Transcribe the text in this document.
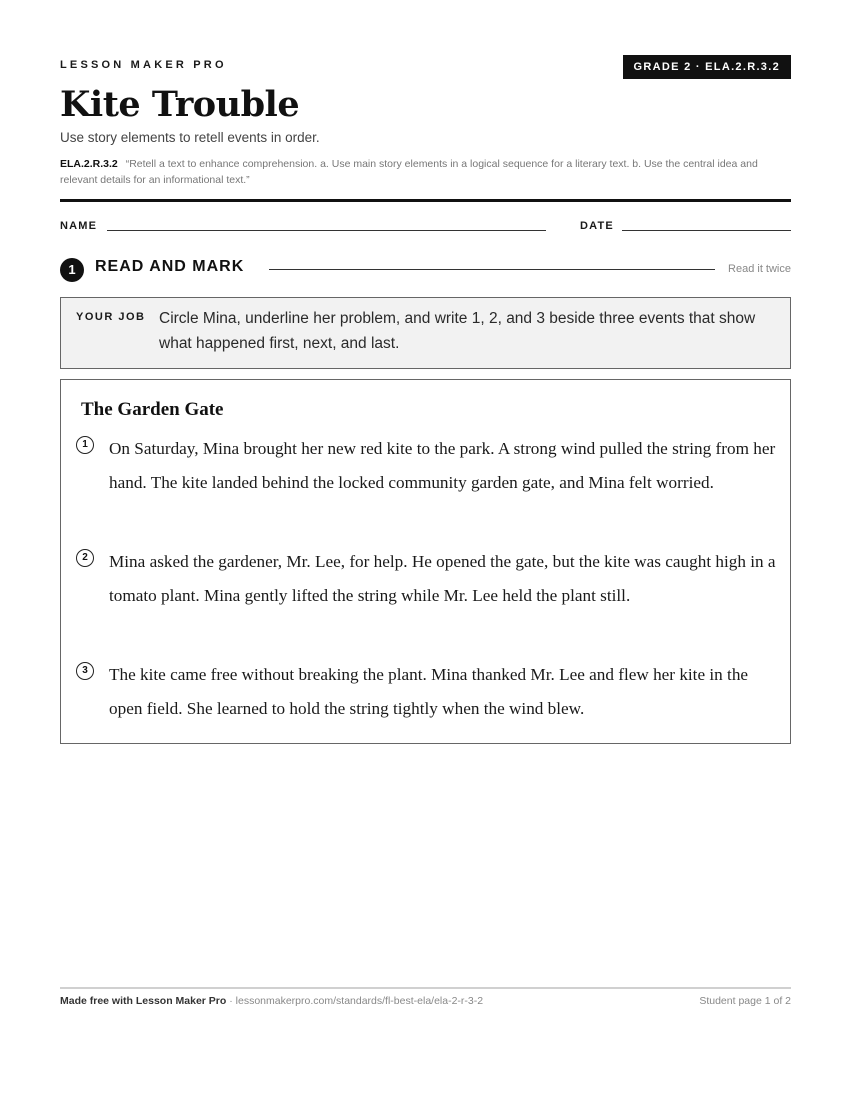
LESSON MAKER PRO	GRADE 2 · ELA.2.R.3.2
Kite Trouble
Use story elements to retell events in order.
ELA.2.R.3.2 “Retell a text to enhance comprehension. a. Use main story elements in a logical sequence for a literary text. b. Use the central idea and relevant details for an informational text.”
NAME	DATE
1	READ AND MARK	Read it twice
YOUR JOB Circle Mina, underline her problem, and write 1, 2, and 3 beside three events that show what happened first, next, and last.
The Garden Gate
1	On Saturday, Mina brought her new red kite to the park. A strong wind pulled the string from her hand. The kite landed behind the locked community garden gate, and Mina felt worried.

2	Mina asked the gardener, Mr. Lee, for help. He opened the gate, but the kite was caught high in a tomato plant. Mina gently lifted the string while Mr. Lee held the plant still.

3	The kite came free without breaking the plant. Mina thanked Mr. Lee and flew her kite in the open field. She learned to hold the string tightly when the wind blew.

Made free with Lesson Maker Pro · lessonmakerpro.com/standards/fl-best-ela/ela-2-r-3-2	Student page 1 of 2
